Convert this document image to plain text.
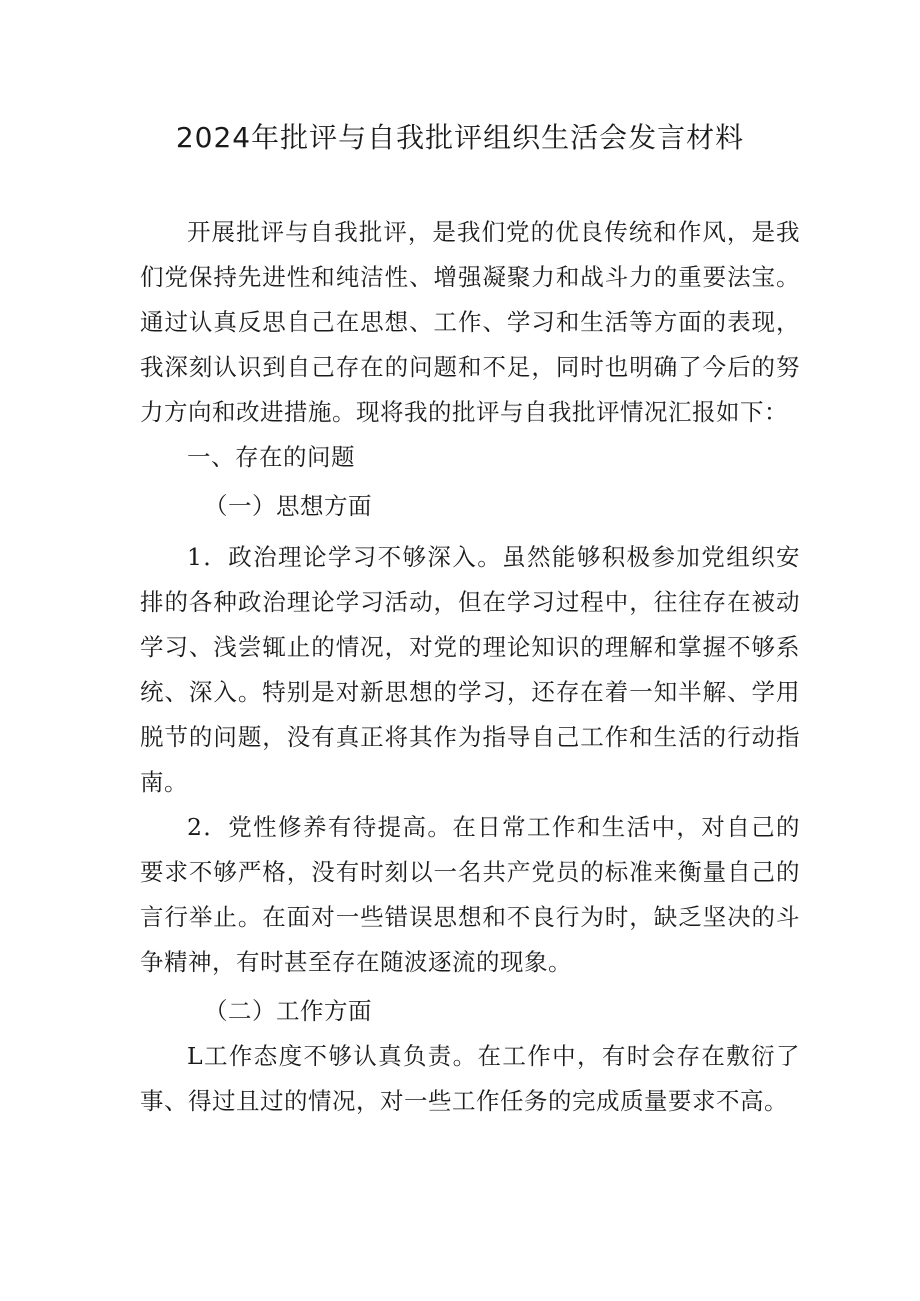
2024年批评与自我批评组织生活会发言材料

开展批评与自我批评，是我们党的优良传统和作风，是我们党保持先进性和纯洁性、增强凝聚力和战斗力的重要法宝。通过认真反思自己在思想、工作、学习和生活等方面的表现，我深刻认识到自己存在的问题和不足，同时也明确了今后的努力方向和改进措施。现将我的批评与自我批评情况汇报如下：

一、存在的问题

（一）思想方面

1．政治理论学习不够深入。虽然能够积极参加党组织安排的各种政治理论学习活动，但在学习过程中，往往存在被动学习、浅尝辄止的情况，对党的理论知识的理解和掌握不够系统、深入。特别是对新思想的学习，还存在着一知半解、学用脱节的问题，没有真正将其作为指导自己工作和生活的行动指南。

2．党性修养有待提高。在日常工作和生活中，对自己的要求不够严格，没有时刻以一名共产党员的标准来衡量自己的言行举止。在面对一些错误思想和不良行为时，缺乏坚决的斗争精神，有时甚至存在随波逐流的现象。

（二）工作方面

L工作态度不够认真负责。在工作中，有时会存在敷衍了事、得过且过的情况，对一些工作任务的完成质量要求不高。
